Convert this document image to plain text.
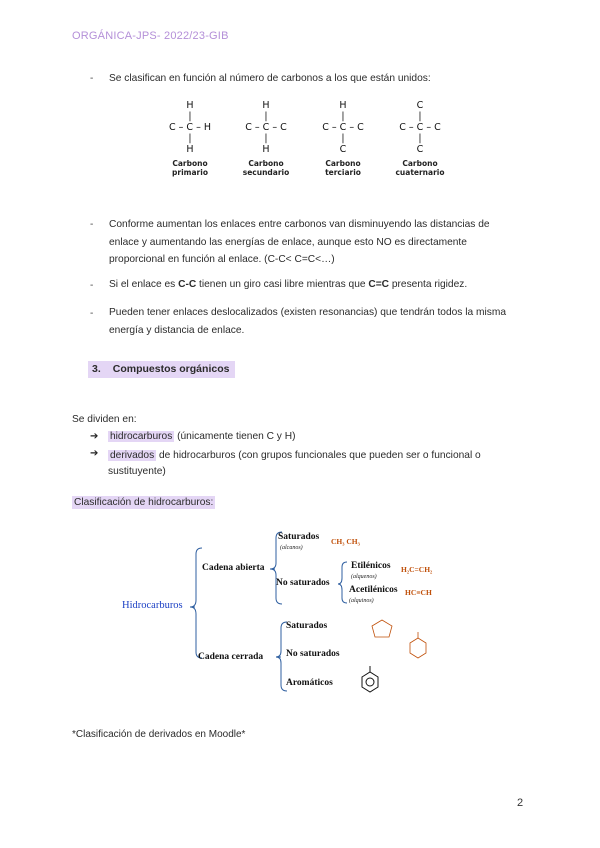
ORGÁNICA-JPS- 2022/23-GIB
- Se clasifican en función al número de carbonos a los que están unidos:
H
|
C – C – H
|
H
Carbono
primario
H
|
C – C – C
|
H
Carbono
secundario
H
|
C – C – C
|
C
Carbono
terciario
C
|
C – C – C
|
C
Carbono
cuaternario
- Conforme aumentan los enlaces entre carbonos van disminuyendo las distancias de
enlace y aumentando las energías de enlace, aunque esto NO es directamente
proporcional en función al enlace. (C-C< C=C<…)
- Si el enlace es C-C tienen un giro casi libre mientras que C=C presenta rigidez.
- Pueden tener enlaces deslocalizados (existen resonancias) que tendrán todos la misma
energía y distancia de enlace.
3. Compuestos orgánicos
Se dividen en:
➔ hidrocarburos (únicamente tienen C y H)
➔ derivados de hidrocarburos (con grupos funcionales que pueden ser o funcional o
sustituyente)
Clasificación de hidrocarburos:
Hidrocarburos
Cadena abierta
Cadena cerrada
Saturados
(alcanos)
CH₃ CH₃
No saturados
Etilénicos
(alquenos)
H₂C=CH₂
Acetilénicos
(alquinos)
HC≡CH
Saturados
No saturados
Aromáticos
*Clasificación de derivados en Moodle*
2
